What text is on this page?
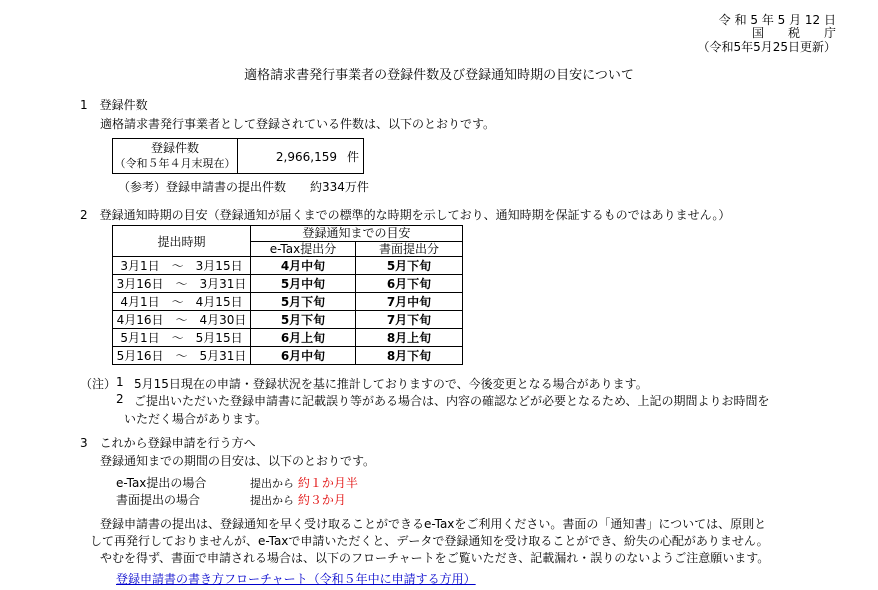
令 和 5 年 5 月 12 日
国　　税　　庁
（令和5年5月25日更新）
適格請求書発行事業者の登録件数及び登録通知時期の目安について
1　登録件数
適格請求書発行事業者として登録されている件数は、以下のとおりです。
登録件数
（令和５年４月末現在）	2,966,159 件
（参考）登録申請書の提出件数　　約334万件
2　登録通知時期の目安（登録通知が届くまでの標準的な時期を示しており、通知時期を保証するものではありません。）
提出時期	登録通知までの目安	
	e-Tax提出分	書面提出分
3月1日　～　3月15日	4月中旬	5月下旬
3月16日　～　3月31日	5月中旬	6月下旬
4月1日　～　4月15日	5月下旬	7月中旬
4月16日　～　4月30日	5月下旬	7月下旬
5月1日　～　5月15日	6月上旬	8月上旬
5月16日　～　5月31日	6月中旬	8月下旬
（注） 1 5月15日現在の申請・登録状況を基に推計しておりますので、今後変更となる場合があります。
2 ご提出いただいた登録申請書に記載誤り等がある場合は、内容の確認などが必要となるため、上記の期間よりお時間を
いただく場合があります。
3　これから登録申請を行う方へ
登録通知までの期間の目安は、以下のとおりです。
e-Tax提出の場合	提出から 約１か月半
書面提出の場合	提出から 約３か月
登録申請書の提出は、登録通知を早く受け取ることができるe-Taxをご利用ください。書面の「通知書」については、原則と
して再発行しておりませんが、e-Taxで申請いただくと、データで登録通知を受け取ることができ、紛失の心配がありません。
やむを得ず、書面で申請される場合は、以下のフローチャートをご覧いただき、記載漏れ・誤りのないようご注意願います。
登録申請書の書き方フローチャート（令和５年中に申請する方用）
